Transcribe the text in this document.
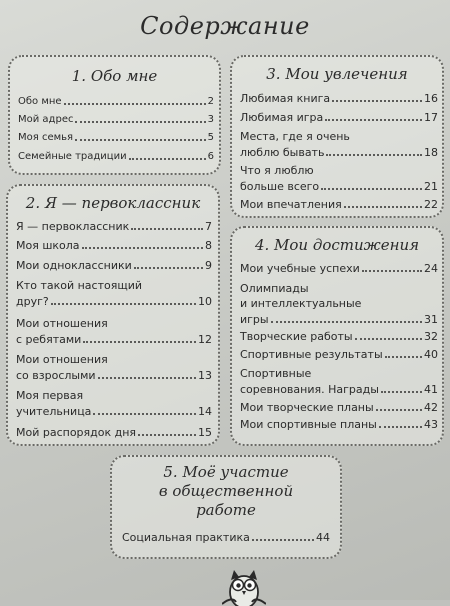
Содержание
1. Обо мне
Обо мне	2
Мой адрес	3
Моя семья	5
Семейные традиции	6
2. Я — первоклассник
Я — первоклассник	7
Моя школа	8
Мои одноклассники	9
Кто такой настоящий
друг?	10
Мои отношения
с ребятами	12
Мои отношения
со взрослыми	13
Моя первая
учительница	14
Мой распорядок дня	15
3. Мои увлечения
Любимая книга	16
Любимая игра	17
Места, где я очень
люблю бывать	18
Что я люблю
больше всего	21
Мои впечатления	22
4. Мои достижения
Мои учебные успехи	24
Олимпиады
и интеллектуальные
игры	31
Творческие работы	32
Спортивные результаты	40
Спортивные
соревнования. Награды	41
Мои творческие планы	42
Мои спортивные планы	43
5. Моё участие
в общественной
работе
Социальная практика	44
